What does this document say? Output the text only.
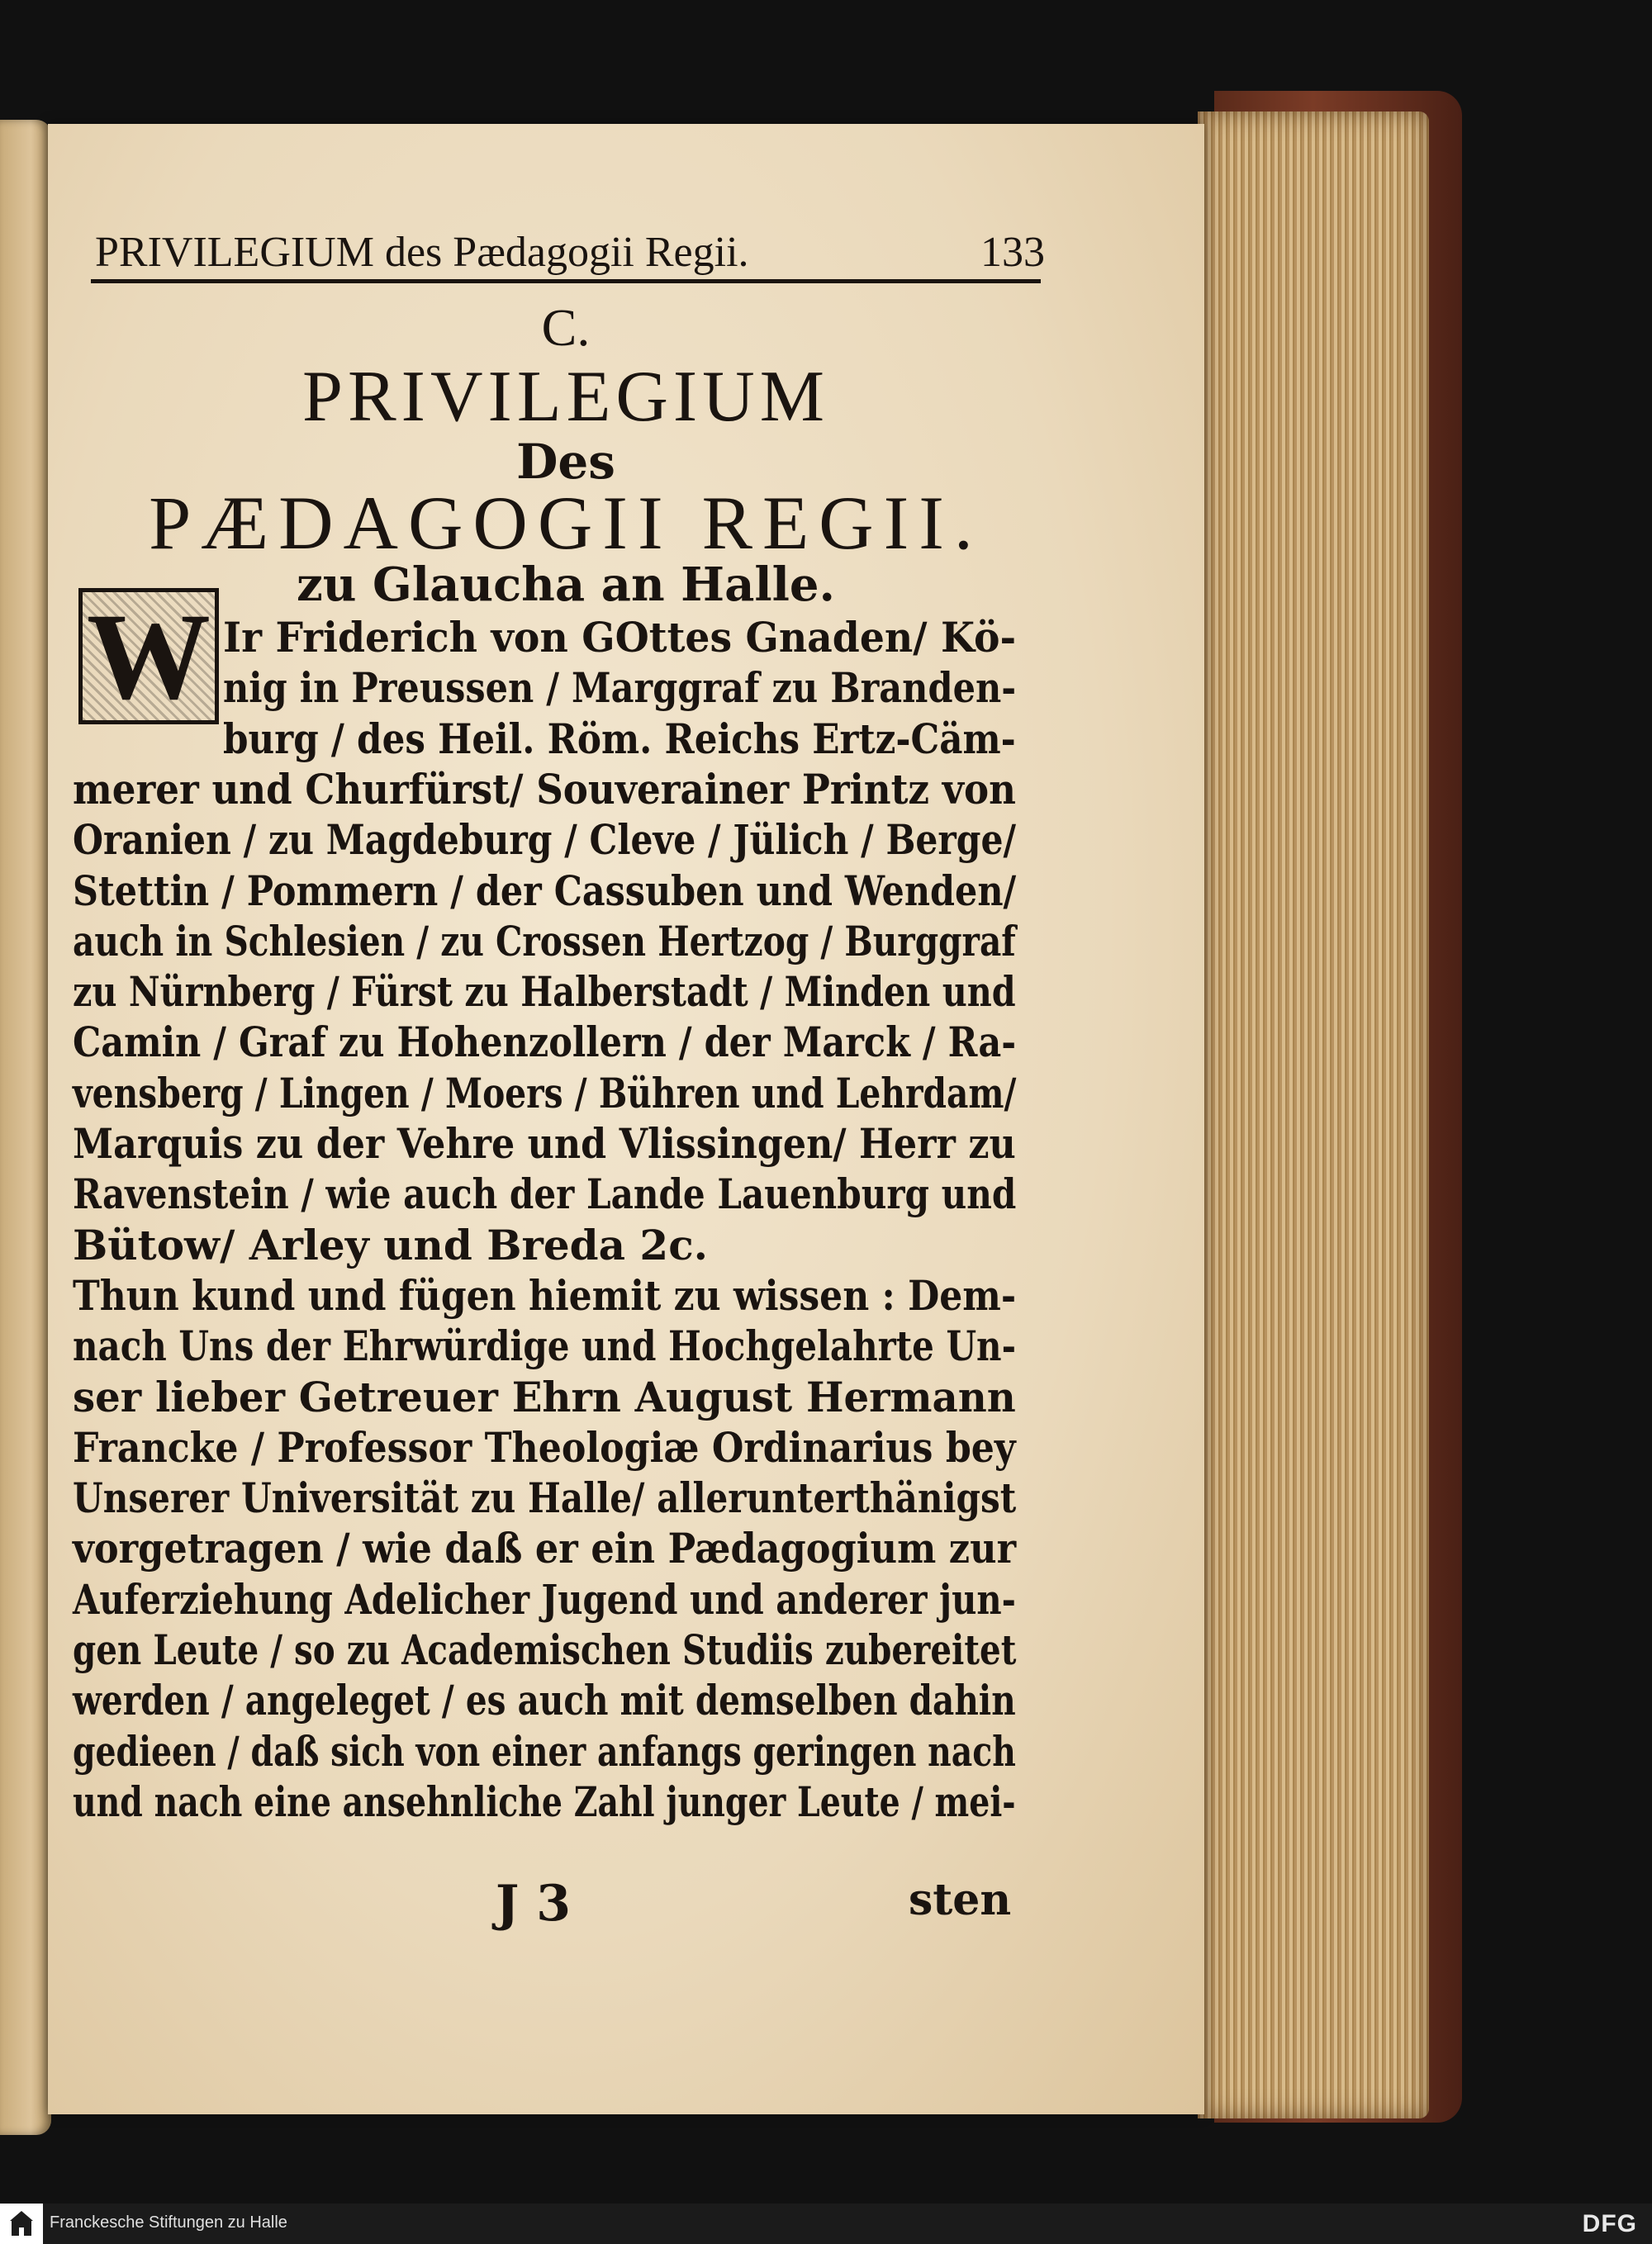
PRIVILEGIUM des Pædagogii Regii.	133
C.
PRIVILEGIUM
Des
PÆDAGOGII REGII.
zu Glaucha an Halle.
W Ir Friderich von GOttes Gnaden/ Kö-
nig in Preussen / Marggraf zu Branden-
burg / des Heil. Röm. Reichs Ertz-Cäm-
merer und Churfürst/ Souverainer Printz von
Oranien / zu Magdeburg / Cleve / Jülich / Berge/
Stettin / Pommern / der Cassuben und Wenden/
auch in Schlesien / zu Crossen Hertzog / Burggraf
zu Nürnberg / Fürst zu Halberstadt / Minden und
Camin / Graf zu Hohenzollern / der Marck / Ra-
vensberg / Lingen / Moers / Bühren und Lehrdam/
Marquis zu der Vehre und Vlissingen/ Herr zu
Ravenstein / wie auch der Lande Lauenburg und
Bütow/ Arley und Breda 2c.
Thun kund und fügen hiemit zu wissen : Dem-
nach Uns der Ehrwürdige und Hochgelahrte Un-
ser lieber Getreuer Ehrn August Hermann
Francke / Professor Theologiæ Ordinarius bey
Unserer Universität zu Halle/ allerunterthänigst
vorgetragen / wie daß er ein Pædagogium zur
Auferziehung Adelicher Jugend und anderer jun-
gen Leute / so zu Academischen Studiis zubereitet
werden / angeleget / es auch mit demselben dahin
gedieen / daß sich von einer anfangs geringen nach
und nach eine ansehnliche Zahl junger Leute / mei-
J 3	sten
Franckesche Stiftungen zu Halle	DFG
